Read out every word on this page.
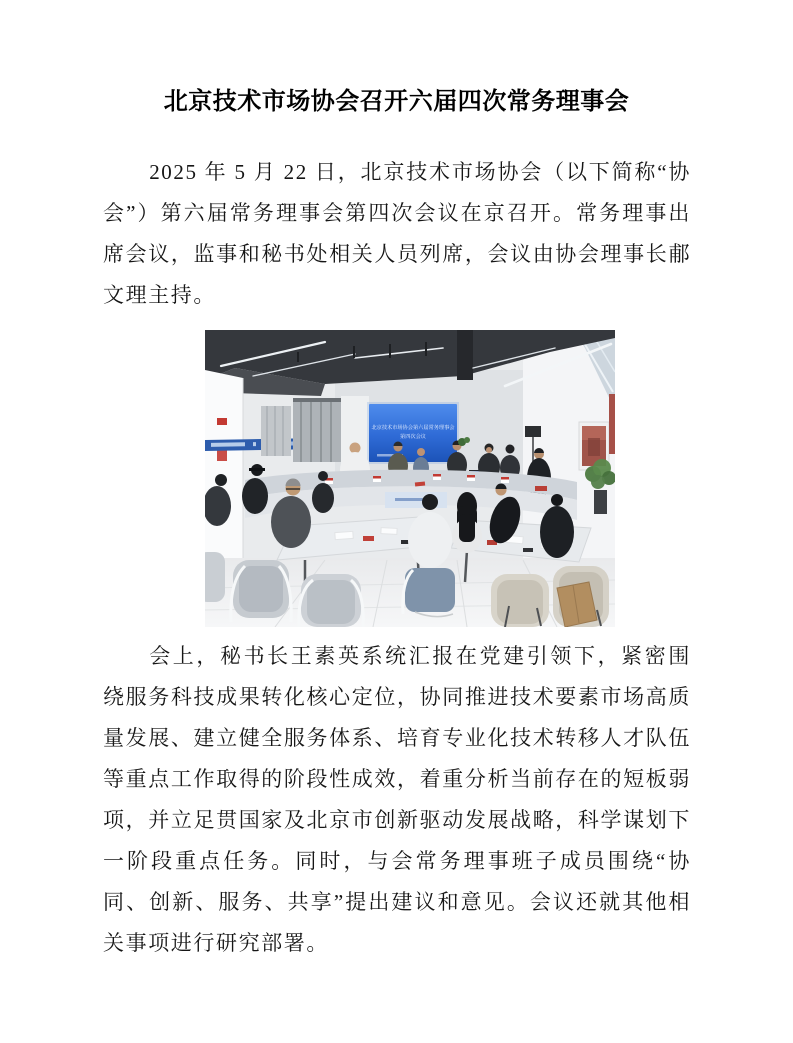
北京技术市场协会召开六届四次常务理事会

2025 年 5 月 22 日，北京技术市场协会（以下简称“协会”）第六届常务理事会第四次会议在京召开。常务理事出席会议，监事和秘书处相关人员列席，会议由协会理事长郙文理主持。

北京技术市场协会第六届常务理事会
第四次会议

会上，秘书长王素英系统汇报在党建引领下，紧密围绕服务科技成果转化核心定位，协同推进技术要素市场高质量发展、建立健全服务体系、培育专业化技术转移人才队伍等重点工作取得的阶段性成效，着重分析当前存在的短板弱项，并立足贯国家及北京市创新驱动发展战略，科学谋划下一阶段重点任务。同时，与会常务理事班子成员围绕“协同、创新、服务、共享”提出建议和意见。会议还就其他相关事项进行研究部署。
